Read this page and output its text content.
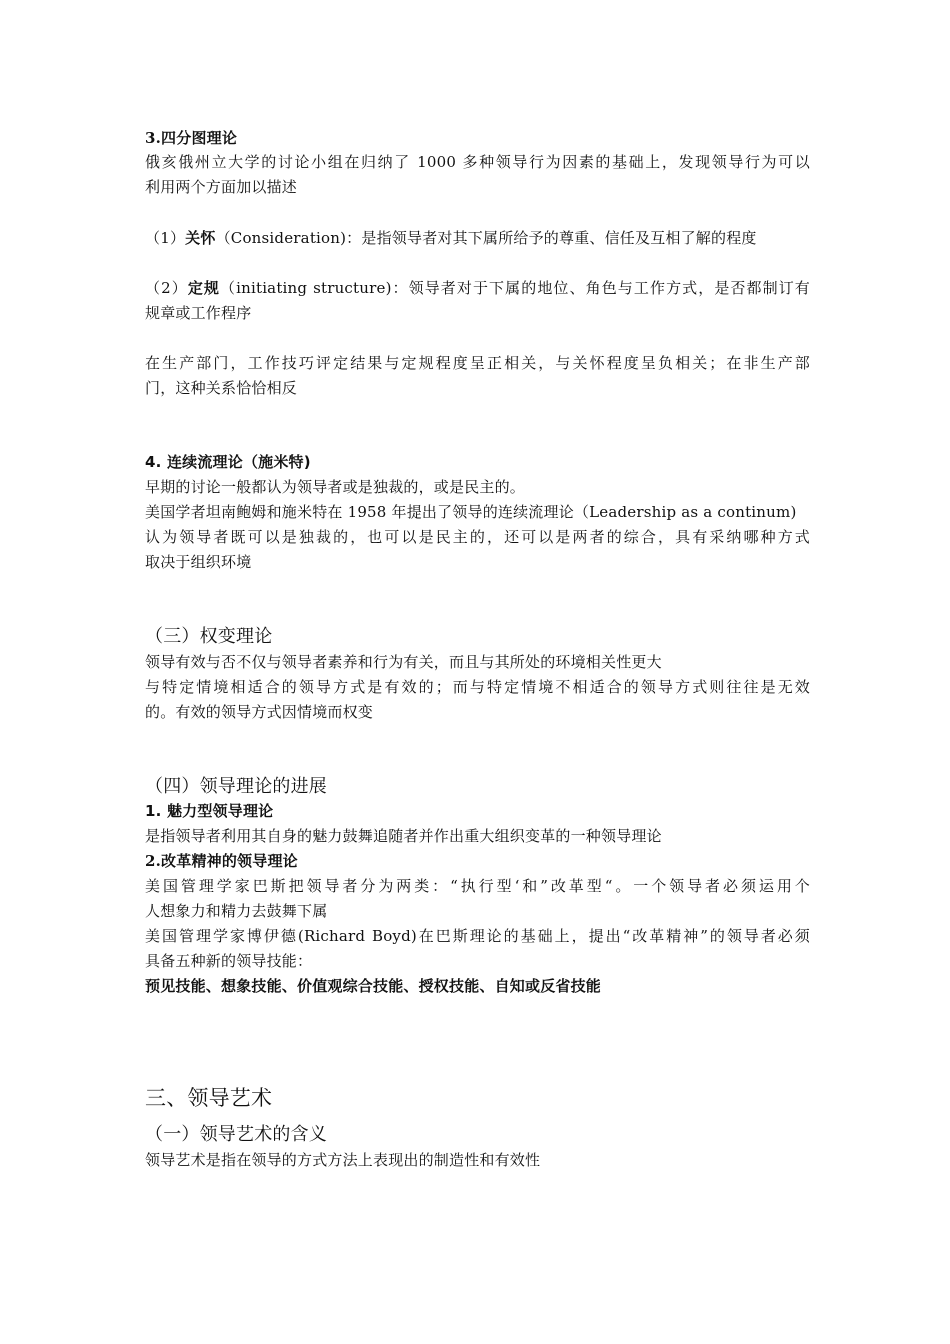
3.四分图理论
俄亥俄州立大学的讨论小组在归纳了 1000 多种领导行为因素的基础上，发现领导行为可以
利用两个方面加以描述
（1）关怀（Consideration)：是指领导者对其下属所给予的尊重、信任及互相了解的程度
（2）定规（initiating structure)：领导者对于下属的地位、角色与工作方式，是否都制订有
规章或工作程序
在生产部门，工作技巧评定结果与定规程度呈正相关，与关怀程度呈负相关；在非生产部
门，这种关系恰恰相反
4. 连续流理论（施米特)
早期的讨论一般都认为领导者或是独裁的，或是民主的。
美国学者坦南鲍姆和施米特在 1958 年提出了领导的连续流理论（Leadership as a continum)
认为领导者既可以是独裁的，也可以是民主的，还可以是两者的综合，具有采纳哪种方式
取决于组织环境
（三）权变理论
领导有效与否不仅与领导者素养和行为有关，而且与其所处的环境相关性更大
与特定情境相适合的领导方式是有效的；而与特定情境不相适合的领导方式则往往是无效
的。有效的领导方式因情境而权变
（四）领导理论的进展
1. 魅力型领导理论
是指领导者利用其自身的魅力鼓舞追随者并作出重大组织变革的一种领导理论
2.改革精神的领导理论
美国管理学家巴斯把领导者分为两类：“执行型‘和”改革型“。一个领导者必须运用个
人想象力和精力去鼓舞下属
美国管理学家博伊德(Richard Boyd)在巴斯理论的基础上，提出“改革精神”的领导者必须
具备五种新的领导技能：
预见技能、想象技能、价值观综合技能、授权技能、自知或反省技能
三、领导艺术
（一）领导艺术的含义
领导艺术是指在领导的方式方法上表现出的制造性和有效性
